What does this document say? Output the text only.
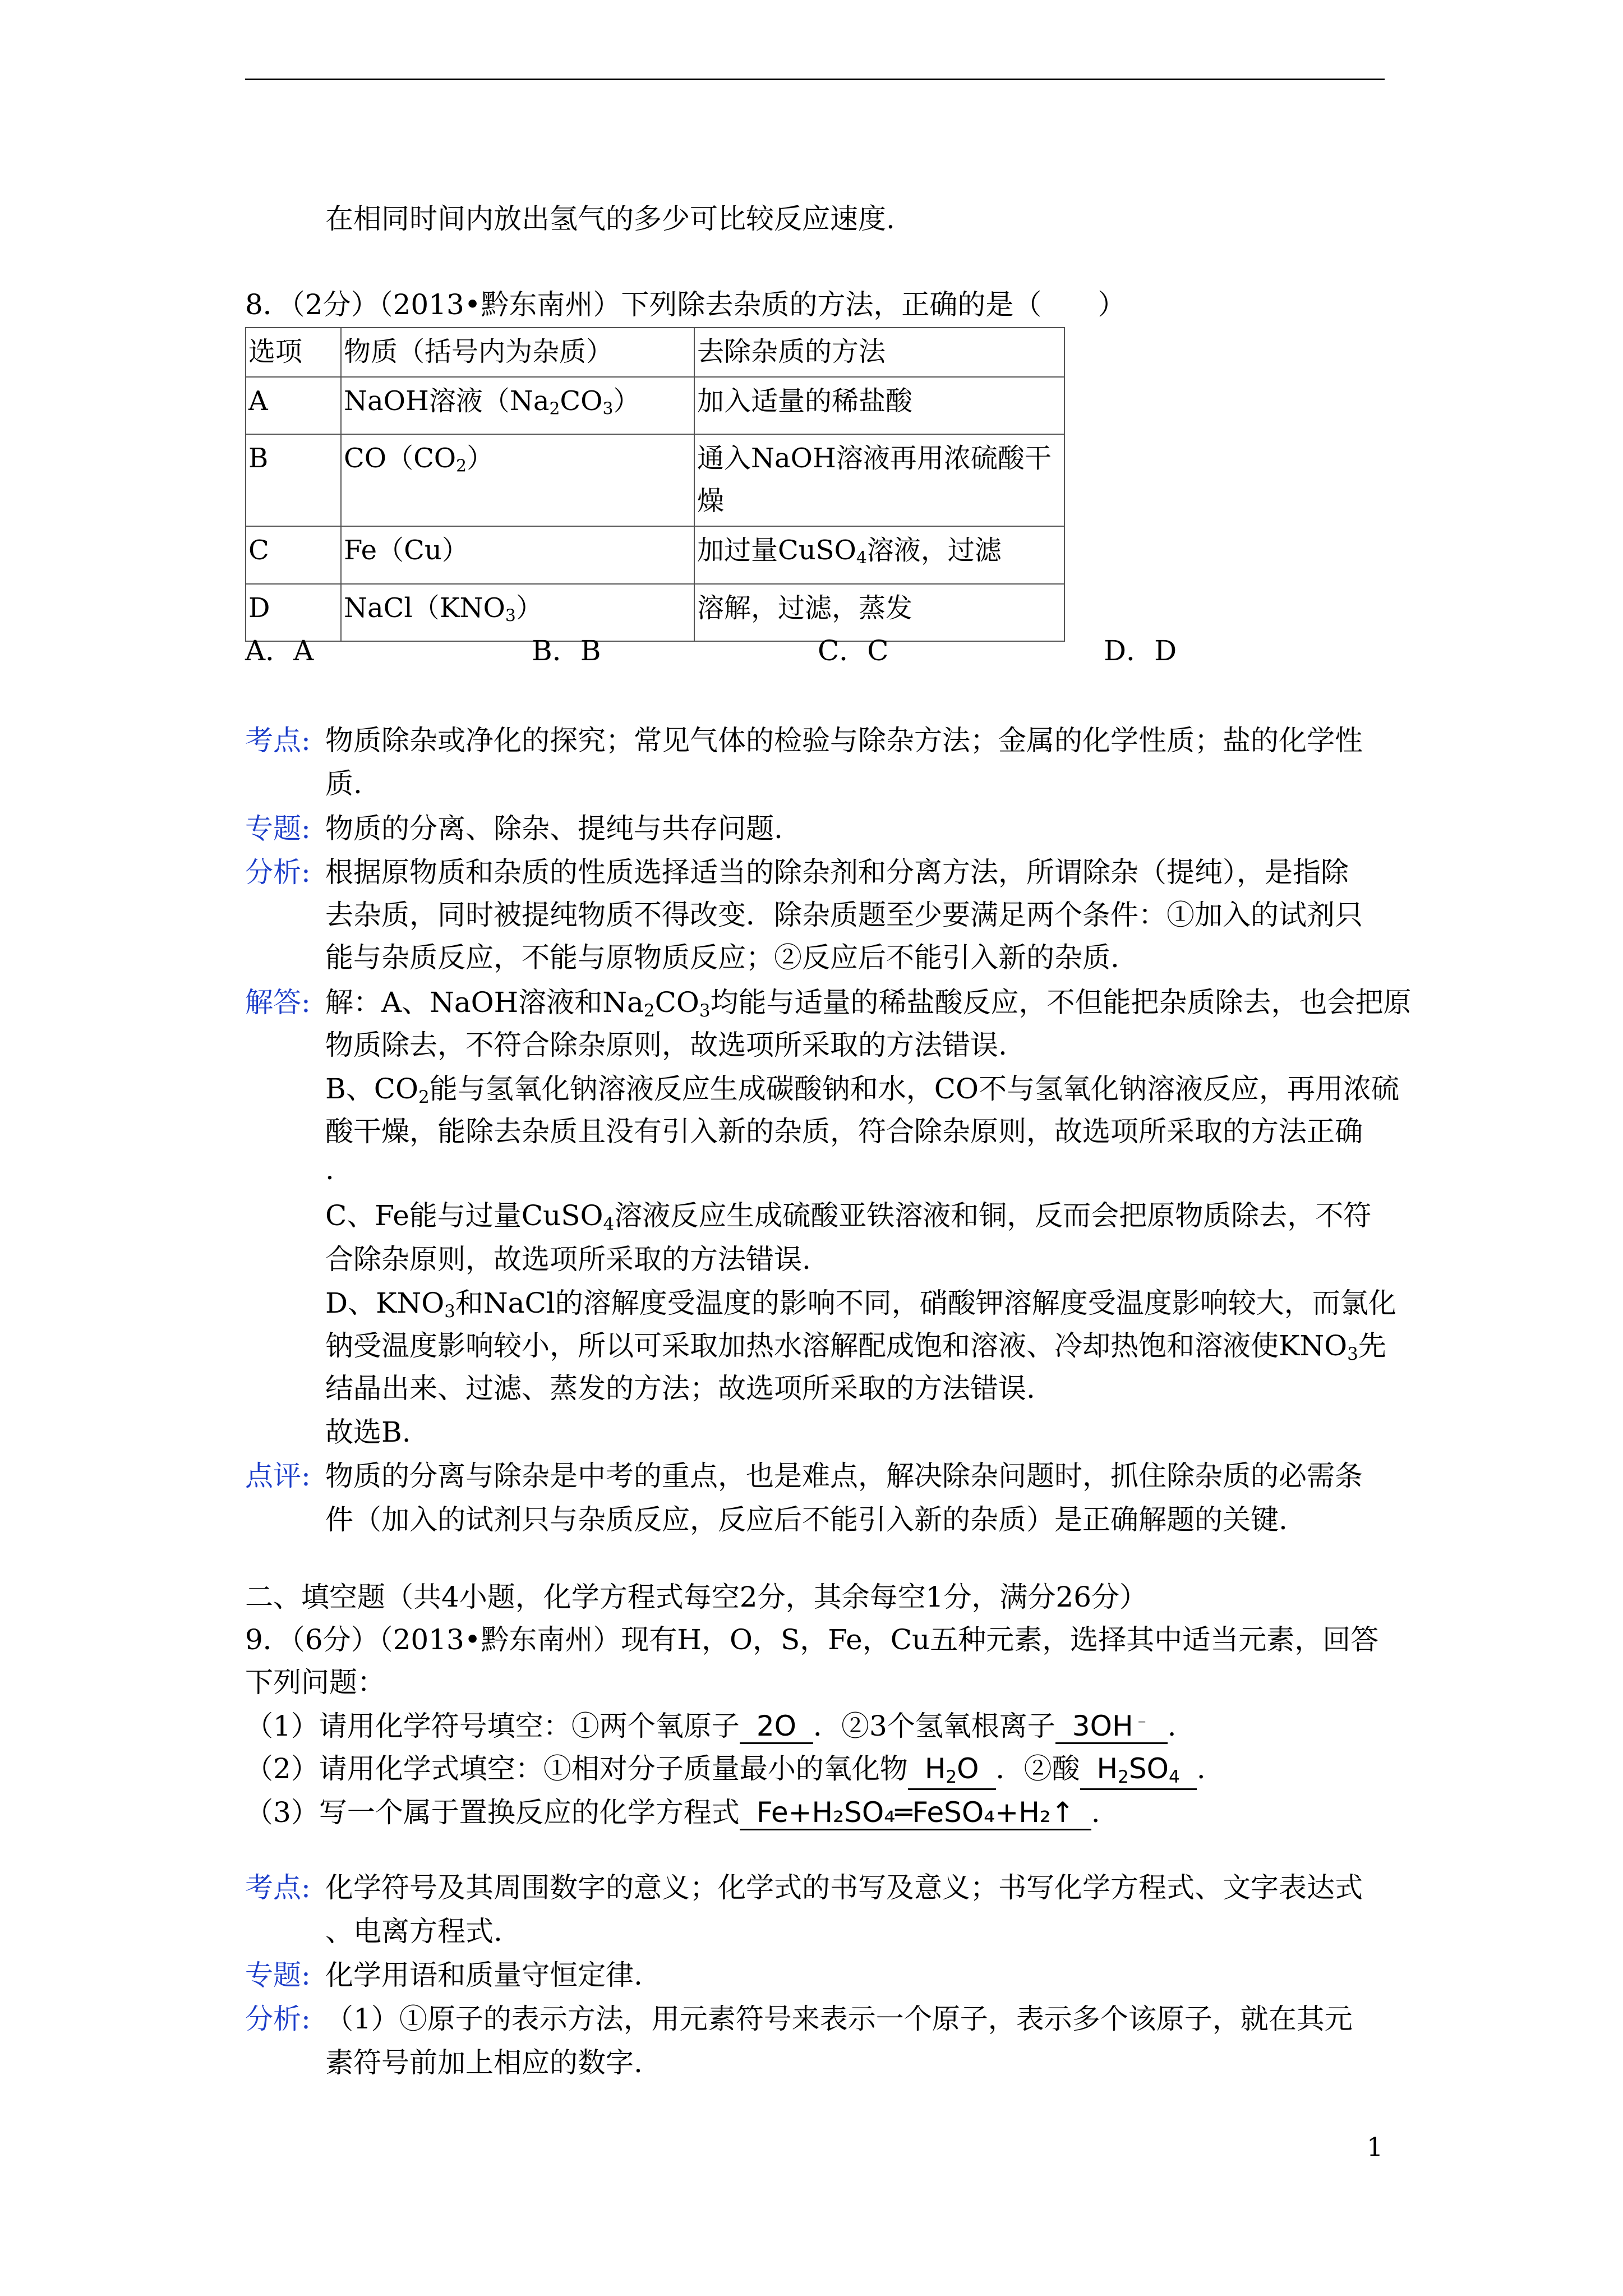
在相同时间内放出氢气的多少可比较反应速度.
8．（2分）（2013•黔东南州）下列除去杂质的方法，正确的是（　　）
选项	物质（括号内为杂质）	去除杂质的方法
A	NaOH溶液$(Na_2CO_3)$	加入适量的稀盐酸
B	$CO(CO_2)$	通入NaOH溶液再用浓硫酸干燥
C	Fe（Cu）	加过量CuSO$_4$溶液，过滤
D	$NaCl(KNO_3)$	溶解，过滤，蒸发
A．A	B．B	C．C	D．D
考点: 物质除杂或净化的探究；常见气体的检验与除杂方法；金属的化学性质；盐的化学性
质.
专题: 物质的分离、除杂、提纯与共存问题.
分析: 根据原物质和杂质的性质选择适当的除杂剂和分离方法，所谓除杂（提纯），是指除
去杂质，同时被提纯物质不得改变．除杂质题至少要满足两个条件：①加入的试剂只
能与杂质反应，不能与原物质反应；②反应后不能引入新的杂质.
解答: 解：A、NaOH溶液和$Na_2CO_3$均能与适量的稀盐酸反应，不但能把杂质除去，也会把原
物质除去，不符合除杂原则，故选项所采取的方法错误.
B、$CO_2$能与氢氧化钠溶液反应生成碳酸钠和水，CO不与氢氧化钠溶液反应，再用浓硫
酸干燥，能除去杂质且没有引入新的杂质，符合除杂原则，故选项所采取的方法正确
.
C、Fe能与过量CuSO$_4$溶液反应生成硫酸亚铁溶液和铜，反而会把原物质除去，不符
合除杂原则，故选项所采取的方法错误.
D、$KNO_3$和NaCl的溶解度受温度的影响不同，硝酸钾溶解度受温度影响较大，而氯化
钠受温度影响较小，所以可采取加热水溶解配成饱和溶液、冷却热饱和溶液使$KNO_3$先
结晶出来、过滤、蒸发的方法；故选项所采取的方法错误.
故选B.
点评: 物质的分离与除杂是中考的重点，也是难点，解决除杂问题时，抓住除杂质的必需条
件（加入的试剂只与杂质反应，反应后不能引入新的杂质）是正确解题的关键.
二、填空题（共4小题，化学方程式每空2分，其余每空1分，满分26分）
9．（6分）（2013•黔东南州）现有H，O，S，Fe，Cu五种元素，选择其中适当元素，回答
下列问题：
（1）请用化学符号填空：①两个氧原子 2O ．②3个氢氧根离子 3OH﹣ .
（2）请用化学式填空：①相对分子质量最小的氧化物 $H_2O$ ．②酸 $H_2SO_4$ .
（3）写一个属于置换反应的化学方程式 Fe+H₂SO₄═FeSO₄+H₂↑ .
考点: 化学符号及其周围数字的意义；化学式的书写及意义；书写化学方程式、文字表达式
、电离方程式.
专题: 化学用语和质量守恒定律.
分析: （1）①原子的表示方法，用元素符号来表示一个原子，表示多个该原子，就在其元
素符号前加上相应的数字.
1
